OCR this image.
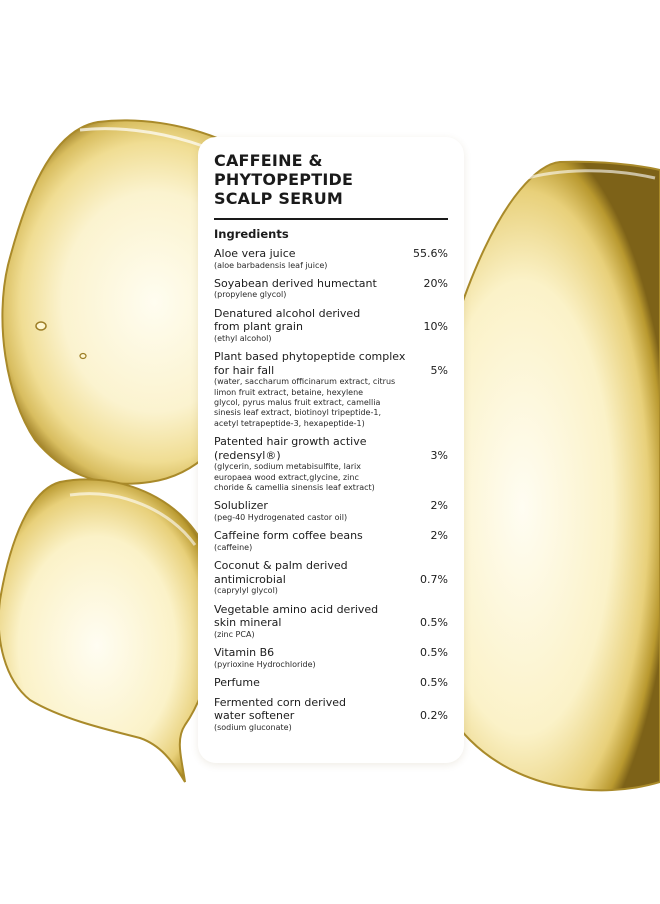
CAFFEINE & PHYTOPEPTIDE
SCALP SERUM
Ingredients
Aloe vera juice
(aloe barbadensis leaf juice)
55.6%
Soyabean derived humectant
(propylene glycol)
20%
Denatured alcohol derived
from plant grain
(ethyl alcohol)
10%
Plant based phytopeptide complex
for hair fall
(water, saccharum officinarum extract, citrus
limon fruit extract, betaine, hexylene
glycol, pyrus malus fruit extract, camellia
sinesis leaf extract, biotinoyl tripeptide-1,
acetyl tetrapeptide-3, hexapeptide-1)
5%
Patented hair growth active
(redensyl®)
(glycerin, sodium metabisulfite, larix
europaea wood extract,glycine, zinc
choride & camellia sinensis leaf extract)
3%
Solublizer
(peg-40 Hydrogenated castor oil)
2%
Caffeine form coffee beans
(caffeine)
2%
Coconut & palm derived
antimicrobial
(caprylyl glycol)
0.7%
Vegetable amino acid derived
skin mineral
(zinc PCA)
0.5%
Vitamin B6
(pyrioxine Hydrochloride)
0.5%
Perfume	0.5%
Fermented corn derived
water softener
(sodium gluconate)
0.2%
